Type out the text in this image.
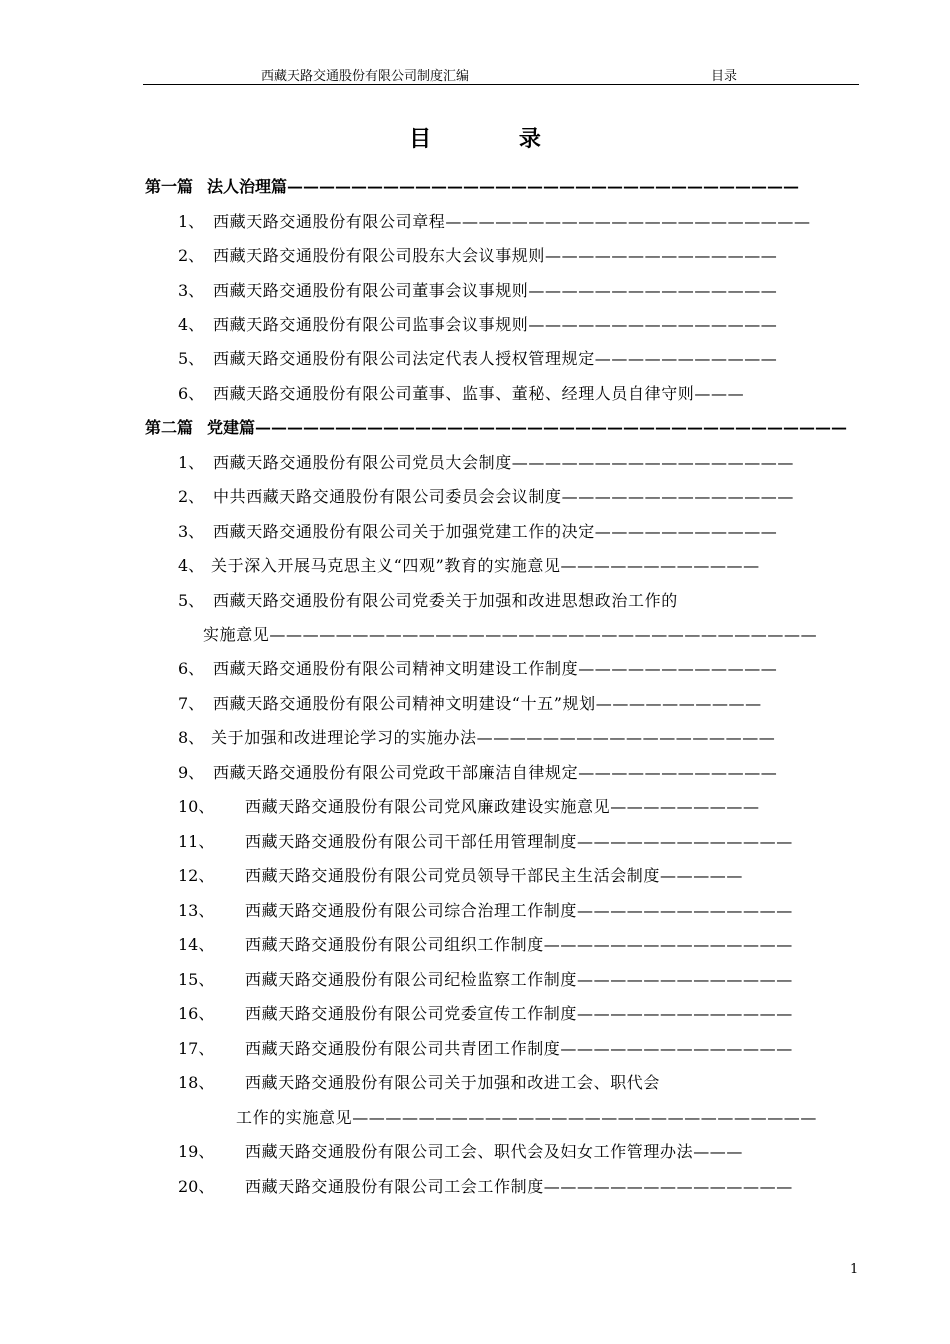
西藏天路交通股份有限公司制度汇编	目录
目 录
第一篇 法人治理篇————————————————————————————————
1、 西藏天路交通股份有限公司章程——————————————————————
2、 西藏天路交通股份有限公司股东大会议事规则——————————————
3、 西藏天路交通股份有限公司董事会议事规则———————————————
4、 西藏天路交通股份有限公司监事会议事规则———————————————
5、 西藏天路交通股份有限公司法定代表人授权管理规定———————————
6、 西藏天路交通股份有限公司董事、监事、董秘、经理人员自律守则———
第二篇 党建篇—————————————————————————————————————
1、 西藏天路交通股份有限公司党员大会制度—————————————————
2、 中共西藏天路交通股份有限公司委员会会议制度——————————————
3、 西藏天路交通股份有限公司关于加强党建工作的决定———————————
4、 关于深入开展马克思主义“四观”教育的实施意见————————————
5、 西藏天路交通股份有限公司党委关于加强和改进思想政治工作的
实施意见—————————————————————————————————
6、 西藏天路交通股份有限公司精神文明建设工作制度————————————
7、 西藏天路交通股份有限公司精神文明建设“十五”规划——————————
8、 关于加强和改进理论学习的实施办法——————————————————
9、 西藏天路交通股份有限公司党政干部廉洁自律规定————————————
10、 西藏天路交通股份有限公司党风廉政建设实施意见—————————
11、 西藏天路交通股份有限公司干部任用管理制度—————————————
12、 西藏天路交通股份有限公司党员领导干部民主生活会制度—————
13、 西藏天路交通股份有限公司综合治理工作制度—————————————
14、 西藏天路交通股份有限公司组织工作制度———————————————
15、 西藏天路交通股份有限公司纪检监察工作制度—————————————
16、 西藏天路交通股份有限公司党委宣传工作制度—————————————
17、 西藏天路交通股份有限公司共青团工作制度——————————————
18、 西藏天路交通股份有限公司关于加强和改进工会、职代会
工作的实施意见————————————————————————————
19、 西藏天路交通股份有限公司工会、职代会及妇女工作管理办法———
20、 西藏天路交通股份有限公司工会工作制度———————————————
1
